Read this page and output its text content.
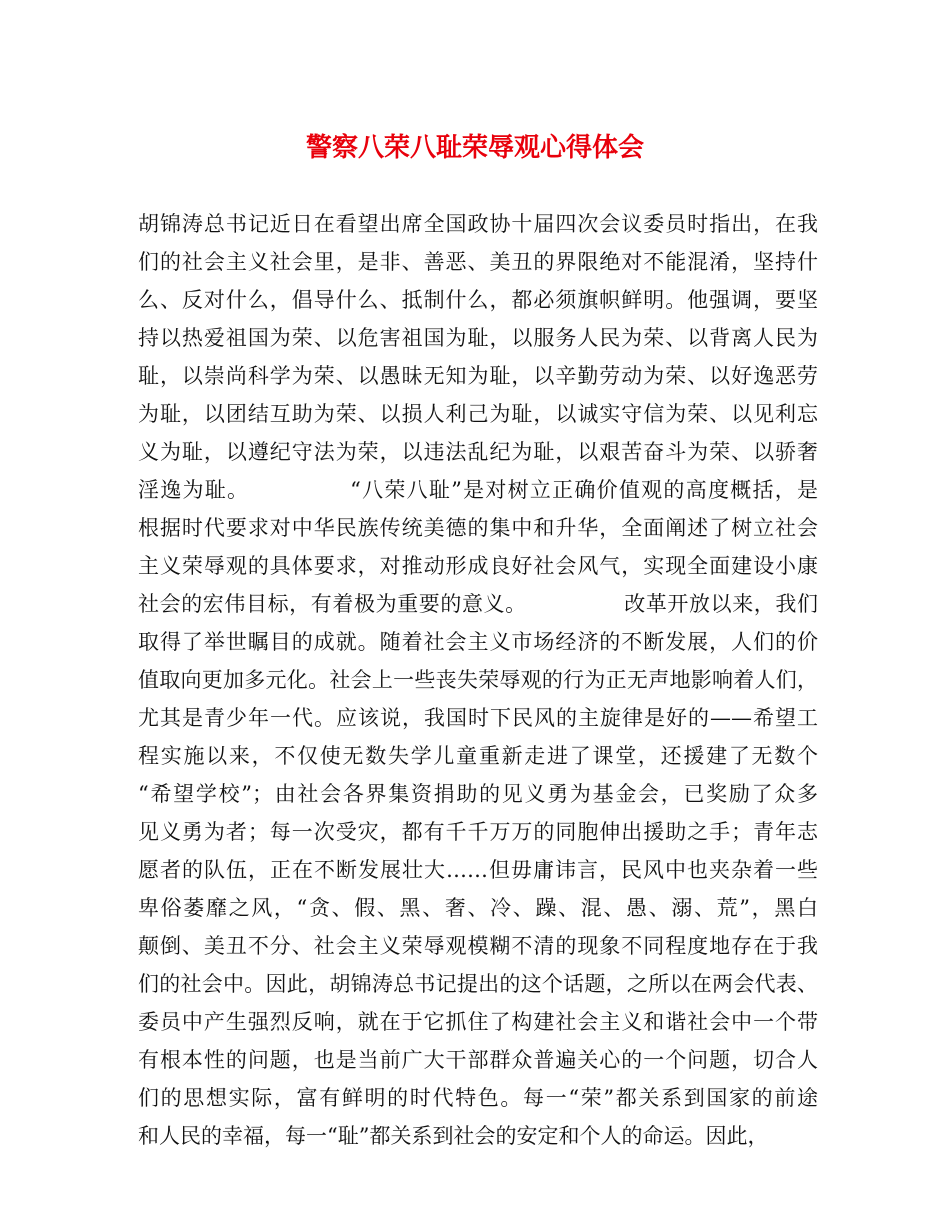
警察八荣八耻荣辱观心得体会
胡锦涛总书记近日在看望出席全国政协十届四次会议委员时指出，在我
们的社会主义社会里，是非、善恶、美丑的界限绝对不能混淆，坚持什
么、反对什么，倡导什么、抵制什么，都必须旗帜鲜明。他强调，要坚
持以热爱祖国为荣、以危害祖国为耻，以服务人民为荣、以背离人民为
耻，以崇尚科学为荣、以愚昧无知为耻，以辛勤劳动为荣、以好逸恶劳
为耻，以团结互助为荣、以损人利己为耻，以诚实守信为荣、以见利忘
义为耻，以遵纪守法为荣，以违法乱纪为耻，以艰苦奋斗为荣、以骄奢
淫逸为耻。　　　　　“八荣八耻”是对树立正确价值观的高度概括，是
根据时代要求对中华民族传统美德的集中和升华，全面阐述了树立社会
主义荣辱观的具体要求，对推动形成良好社会风气，实现全面建设小康
社会的宏伟目标，有着极为重要的意义。　　　　　改革开放以来，我们
取得了举世瞩目的成就。随着社会主义市场经济的不断发展，人们的价
值取向更加多元化。社会上一些丧失荣辱观的行为正无声地影响着人们，
尤其是青少年一代。应该说，我国时下民风的主旋律是好的——希望工
程实施以来，不仅使无数失学儿童重新走进了课堂，还援建了无数个
“希望学校”；由社会各界集资捐助的见义勇为基金会，已奖励了众多
见义勇为者；每一次受灾，都有千千万万的同胞伸出援助之手；青年志
愿者的队伍，正在不断发展壮大……但毋庸讳言，民风中也夹杂着一些
卑俗萎靡之风，“贪、假、黑、奢、冷、躁、混、愚、溺、荒”，黑白
颠倒、美丑不分、社会主义荣辱观模糊不清的现象不同程度地存在于我
们的社会中。因此，胡锦涛总书记提出的这个话题，之所以在两会代表、
委员中产生强烈反响，就在于它抓住了构建社会主义和谐社会中一个带
有根本性的问题，也是当前广大干部群众普遍关心的一个问题，切合人
们的思想实际，富有鲜明的时代特色。每一“荣”都关系到国家的前途
和人民的幸福，每一“耻”都关系到社会的安定和个人的命运。因此，
